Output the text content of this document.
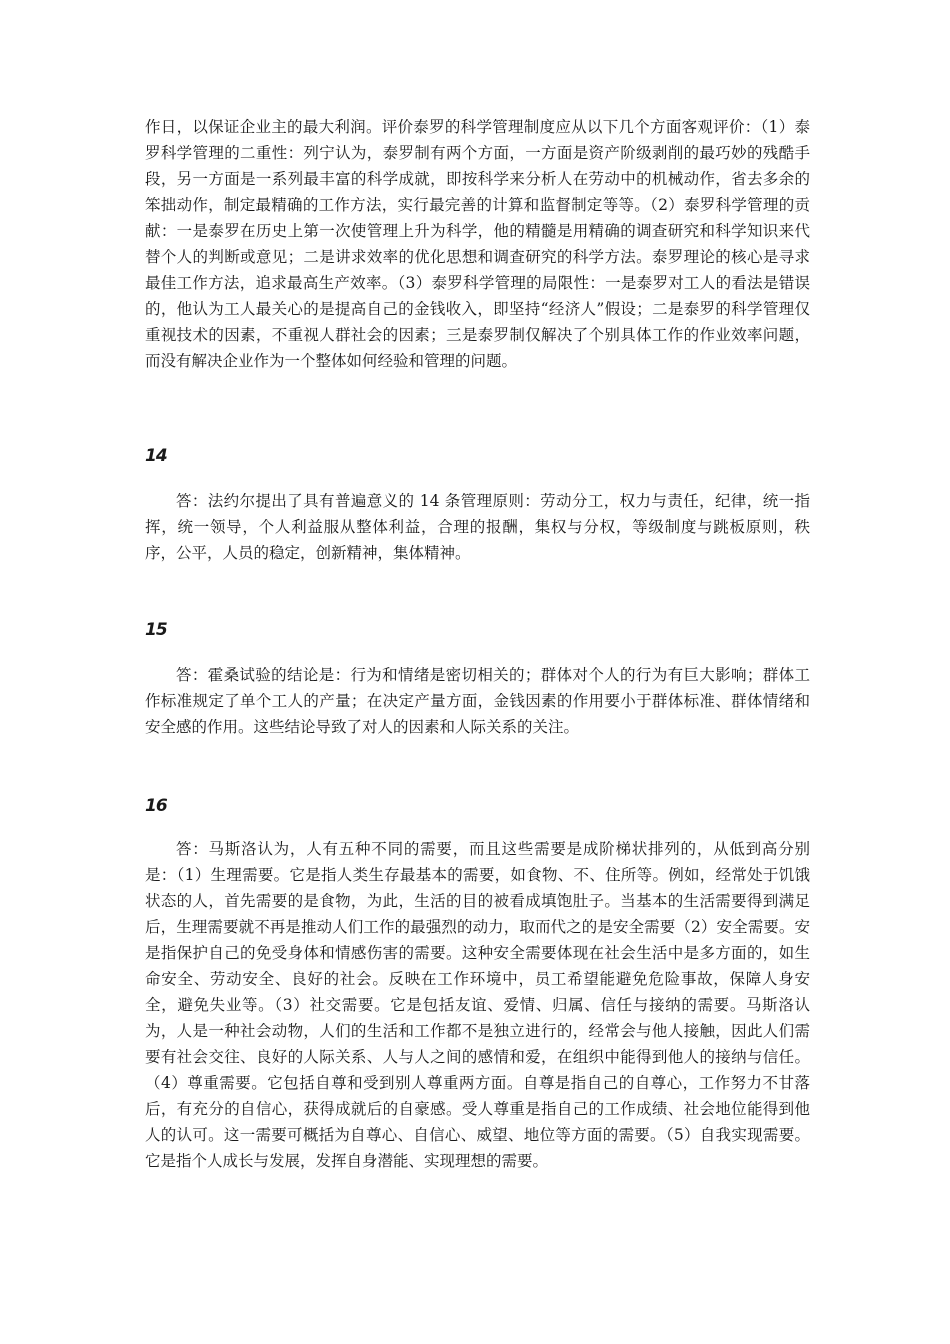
作日，以保证企业主的最大利润。评价泰罗的科学管理制度应从以下几个方面客观评价：（1）泰罗科学管理的二重性：列宁认为，泰罗制有两个方面，一方面是资产阶级剥削的最巧妙的残酷手段，另一方面是一系列最丰富的科学成就，即按科学来分析人在劳动中的机械动作，省去多余的笨拙动作，制定最精确的工作方法，实行最完善的计算和监督制定等等。（2）泰罗科学管理的贡献：一是泰罗在历史上第一次使管理上升为科学，他的精髓是用精确的调查研究和科学知识来代替个人的判断或意见；二是讲求效率的优化思想和调查研究的科学方法。泰罗理论的核心是寻求最佳工作方法，追求最高生产效率。（3）泰罗科学管理的局限性：一是泰罗对工人的看法是错误的，他认为工人最关心的是提高自己的金钱收入，即坚持“经济人”假设；二是泰罗的科学管理仅重视技术的因素，不重视人群社会的因素；三是泰罗制仅解决了个别具体工作的作业效率问题，而没有解决企业作为一个整体如何经验和管理的问题。

14

答：法约尔提出了具有普遍意义的 14 条管理原则：劳动分工，权力与责任，纪律，统一指挥，统一领导，个人利益服从整体利益，合理的报酬，集权与分权，等级制度与跳板原则，秩序，公平，人员的稳定，创新精神，集体精神。

15

答：霍桑试验的结论是：行为和情绪是密切相关的；群体对个人的行为有巨大影响；群体工作标准规定了单个工人的产量；在决定产量方面，金钱因素的作用要小于群体标准、群体情绪和安全感的作用。这些结论导致了对人的因素和人际关系的关注。

16

答：马斯洛认为，人有五种不同的需要，而且这些需要是成阶梯状排列的，从低到高分别是：（1）生理需要。它是指人类生存最基本的需要，如食物、不、住所等。例如，经常处于饥饿状态的人，首先需要的是食物，为此，生活的目的被看成填饱肚子。当基本的生活需要得到满足后，生理需要就不再是推动人们工作的最强烈的动力，取而代之的是安全需要（2）安全需要。安是指保护自己的免受身体和情感伤害的需要。这种安全需要体现在社会生活中是多方面的，如生命安全、劳动安全、良好的社会。反映在工作环境中，员工希望能避免危险事故，保障人身安全，避免失业等。（3）社交需要。它是包括友谊、爱情、归属、信任与接纳的需要。马斯洛认为，人是一种社会动物，人们的生活和工作都不是独立进行的，经常会与他人接触，因此人们需要有社会交往、良好的人际关系、人与人之间的感情和爱，在组织中能得到他人的接纳与信任。（4）尊重需要。它包括自尊和受到别人尊重两方面。自尊是指自己的自尊心，工作努力不甘落后，有充分的自信心，获得成就后的自豪感。受人尊重是指自己的工作成绩、社会地位能得到他人的认可。这一需要可概括为自尊心、自信心、威望、地位等方面的需要。（5）自我实现需要。它是指个人成长与发展，发挥自身潜能、实现理想的需要。
